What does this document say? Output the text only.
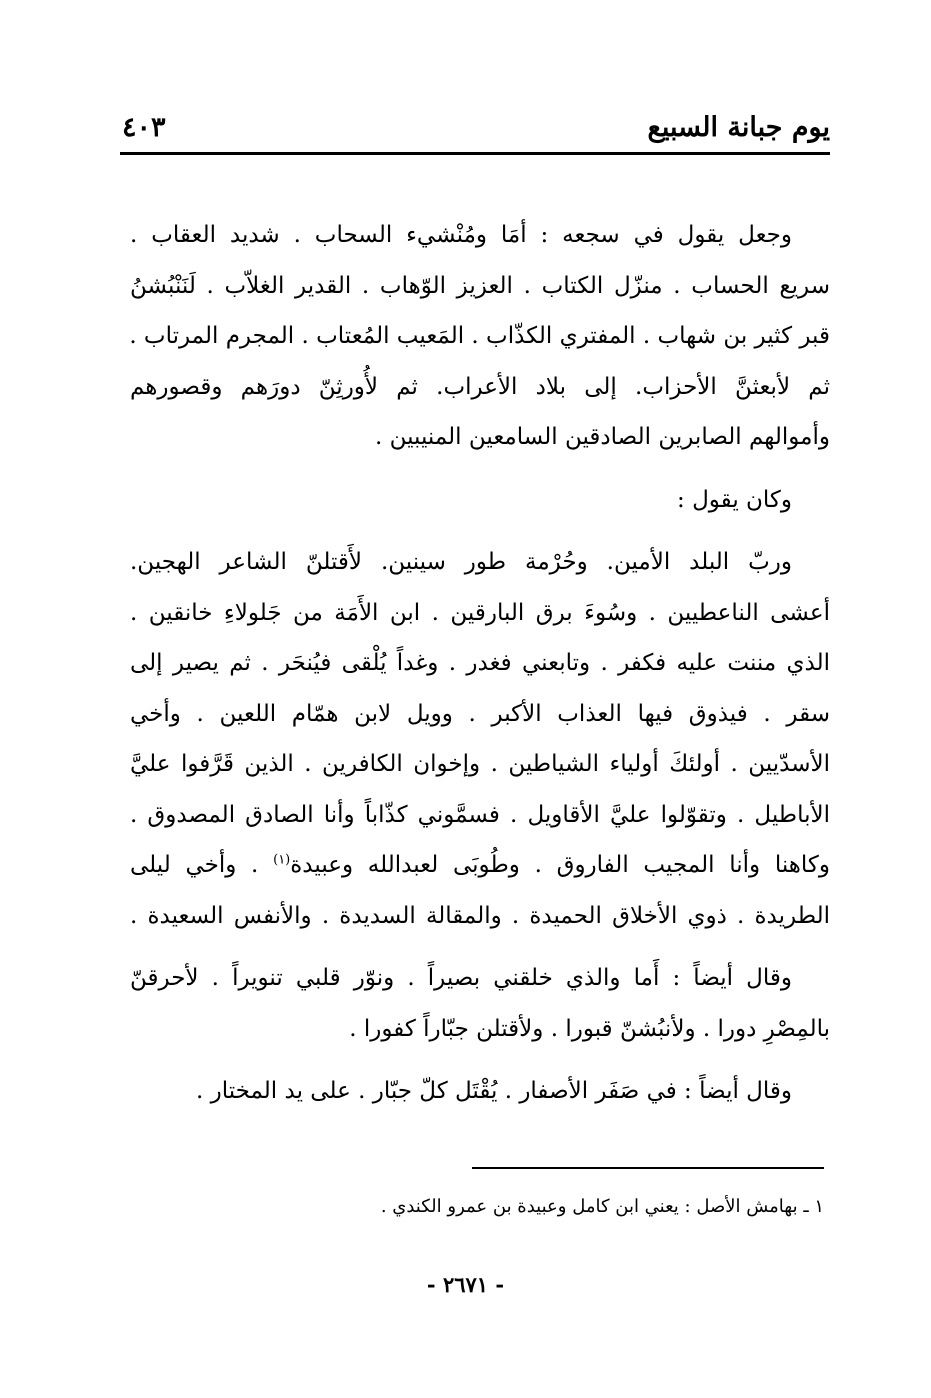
يوم جبانة السبيع
٤٠٣

وجعل يقول في سجعه : أمَا ومُنْشيء السحاب . شديد العقاب .
سريع الحساب . منزّل الكتاب . العزيز الوّهاب . القدير الغلاّب . لَنَنْبُشنُ
قبر كثير بن شهاب . المفتري الكذّاب . المَعيب المُعتاب . المجرم المرتاب .
ثم لأبعثنَّ الأحزاب. إلى بلاد الأعراب. ثم لأُورثِنّ دورَهم وقصورهم
وأموالهم الصابرين الصادقين السامعين المنيبين .

وكان يقول :

وربّ البلد الأمين. وحُرْمة طور سينين. لأَقتلنّ الشاعر الهجين.
أعشى الناعطيين . وسُوءَ برق البارقين . ابن الأَمَة من جَلولاءِ خانقين .
الذي مننت عليه فكفر . وتابعني فغدر . وغداً يُلْقى فيُنحَر . ثم يصير إلى
سقر . فيذوق فيها العذاب الأكبر . وويل لابن همّام اللعين . وأخي
الأسدّيين . أولئكَ أولياء الشياطين . وإخوان الكافرين . الذين قَرَّفوا عليَّ
الأباطيل . وتقوّلوا عليَّ الأقاويل . فسمَّوني كذّاباً وأنا الصادق المصدوق .
وكاهنا وأنا المجيب الفاروق . وطُوبَى لعبدالله وعبيدة$^{(١)}$ . وأخي ليلى
الطريدة . ذوي الأخلاق الحميدة . والمقالة السديدة . والأنفس السعيدة .

وقال أيضاً : أَما والذي خلقني بصيراً . ونوّر قلبي تنويراً . لأحرقنّ
بالمِصْرِ دورا . ولأنبُشنّ قبورا . ولأقتلن جبّاراً كفورا .

وقال أيضاً : في صَفَر الأصفار . يُقْتَل كلّ جبّار . على يد المختار .

١ ـ بهامش الأصل : يعني ابن كامل وعبيدة بن عمرو الكندي .
- ٢٦٧١ -
